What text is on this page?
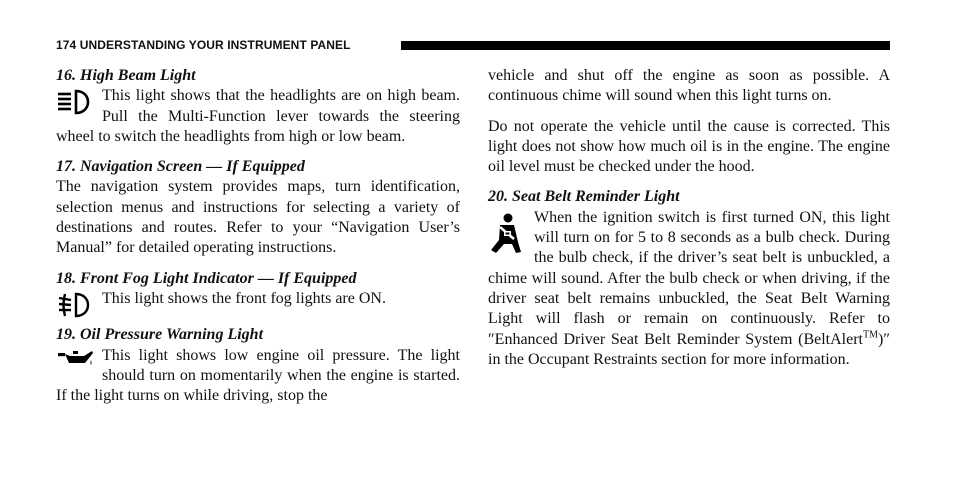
174 UNDERSTANDING YOUR INSTRUMENT PANEL

16. High Beam Light

This light shows that the headlights are on high beam. Pull the Multi-Function lever towards the steering wheel to switch the headlights from high or low beam.

17. Navigation Screen — If Equipped

The navigation system provides maps, turn identification, selection menus and instructions for selecting a variety of destinations and routes. Refer to your “Navigation User’s Manual” for detailed operating instructions.

18. Front Fog Light Indicator — If Equipped

This light shows the front fog lights are ON.

19. Oil Pressure Warning Light

This light shows low engine oil pressure. The light should turn on momentarily when the engine is started. If the light turns on while driving, stop the

vehicle and shut off the engine as soon as possible. A continuous chime will sound when this light turns on.

Do not operate the vehicle until the cause is corrected. This light does not show how much oil is in the engine. The engine oil level must be checked under the hood.

20. Seat Belt Reminder Light

When the ignition switch is first turned ON, this light will turn on for 5 to 8 seconds as a bulb check. During the bulb check, if the driver’s seat belt is unbuckled, a chime will sound. After the bulb check or when driving, if the driver seat belt remains unbuckled, the Seat Belt Warning Light will flash or remain on continuously. Refer to ″Enhanced Driver Seat Belt Reminder System (BeltAlert™)″ in the Occupant Restraints section for more information.
